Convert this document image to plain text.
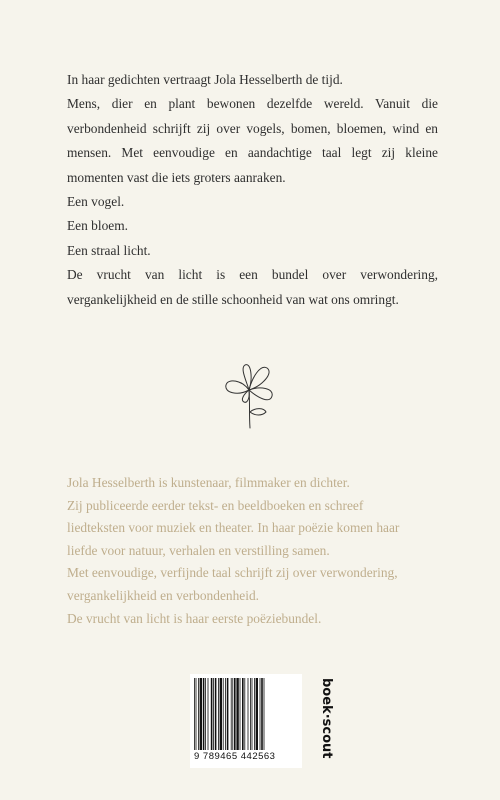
In haar gedichten vertraagt Jola Hesselberth de tijd.

Mens, dier en plant bewonen dezelfde wereld. Vanuit die verbondenheid schrijft zij over vogels, bomen, bloemen, wind en mensen. Met eenvoudige en aandachtige taal legt zij kleine momenten vast die iets groters aanraken.

Een vogel.

Een bloem.

Een straal licht.

De vrucht van licht is een bundel over verwondering, vergankelijkheid en de stille schoonheid van wat ons omringt.

Jola Hesselberth is kunstenaar, filmmaker en dichter.

Zij publiceerde eerder tekst- en beeldboeken en schreef

liedteksten voor muziek en theater. In haar poëzie komen haar

liefde voor natuur, verhalen en verstilling samen.

Met eenvoudige, verfijnde taal schrijft zij over verwondering,

vergankelijkheid en verbondenheid.

De vrucht van licht is haar eerste poëziebundel.

9 789465 442563	boek·scout
